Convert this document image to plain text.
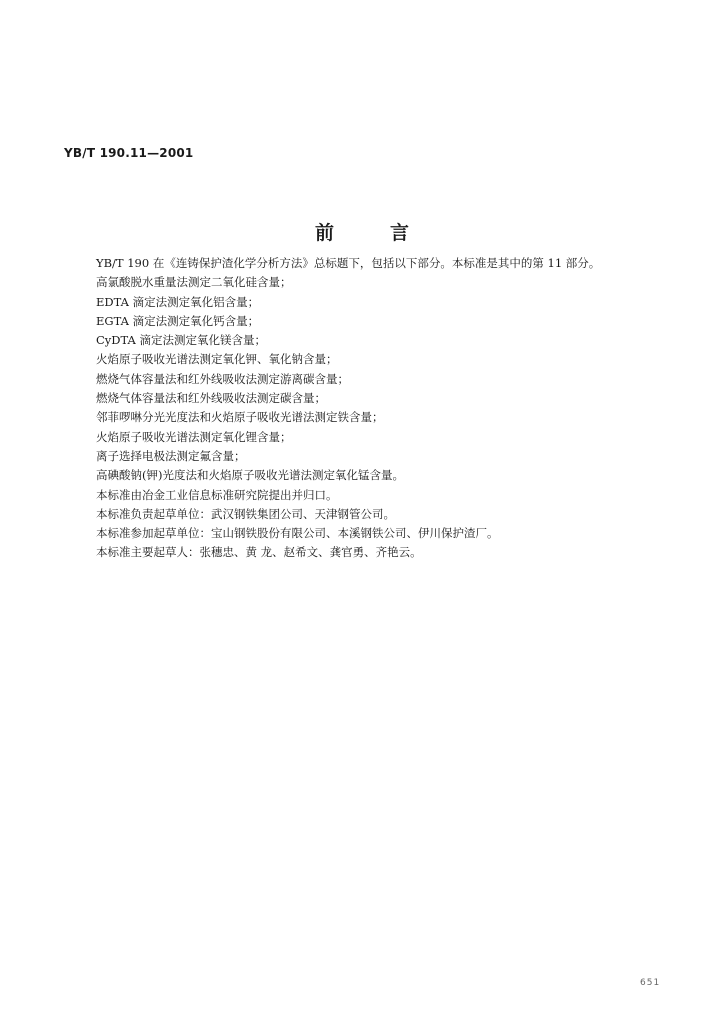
YB/T 190.11—2001
前言

YB/T 190 在《连铸保护渣化学分析方法》总标题下，包括以下部分。本标准是其中的第 11 部分。

高氯酸脱水重量法测定二氧化硅含量；

EDTA 滴定法测定氧化铝含量；

EGTA 滴定法测定氧化钙含量；

CyDTA 滴定法测定氧化镁含量；

火焰原子吸收光谱法测定氧化钾、氧化钠含量；

燃烧气体容量法和红外线吸收法测定游离碳含量；

燃烧气体容量法和红外线吸收法测定碳含量；

邻菲啰啉分光光度法和火焰原子吸收光谱法测定铁含量；

火焰原子吸收光谱法测定氧化锂含量；

离子选择电极法测定氟含量；

高碘酸钠(钾)光度法和火焰原子吸收光谱法测定氧化锰含量。

本标准由冶金工业信息标准研究院提出并归口。

本标准负责起草单位：武汉钢铁集团公司、天津钢管公司。

本标准参加起草单位：宝山钢铁股份有限公司、本溪钢铁公司、伊川保护渣厂。

本标准主要起草人：张穗忠、黄 龙、赵希文、龚官勇、齐艳云。

651
